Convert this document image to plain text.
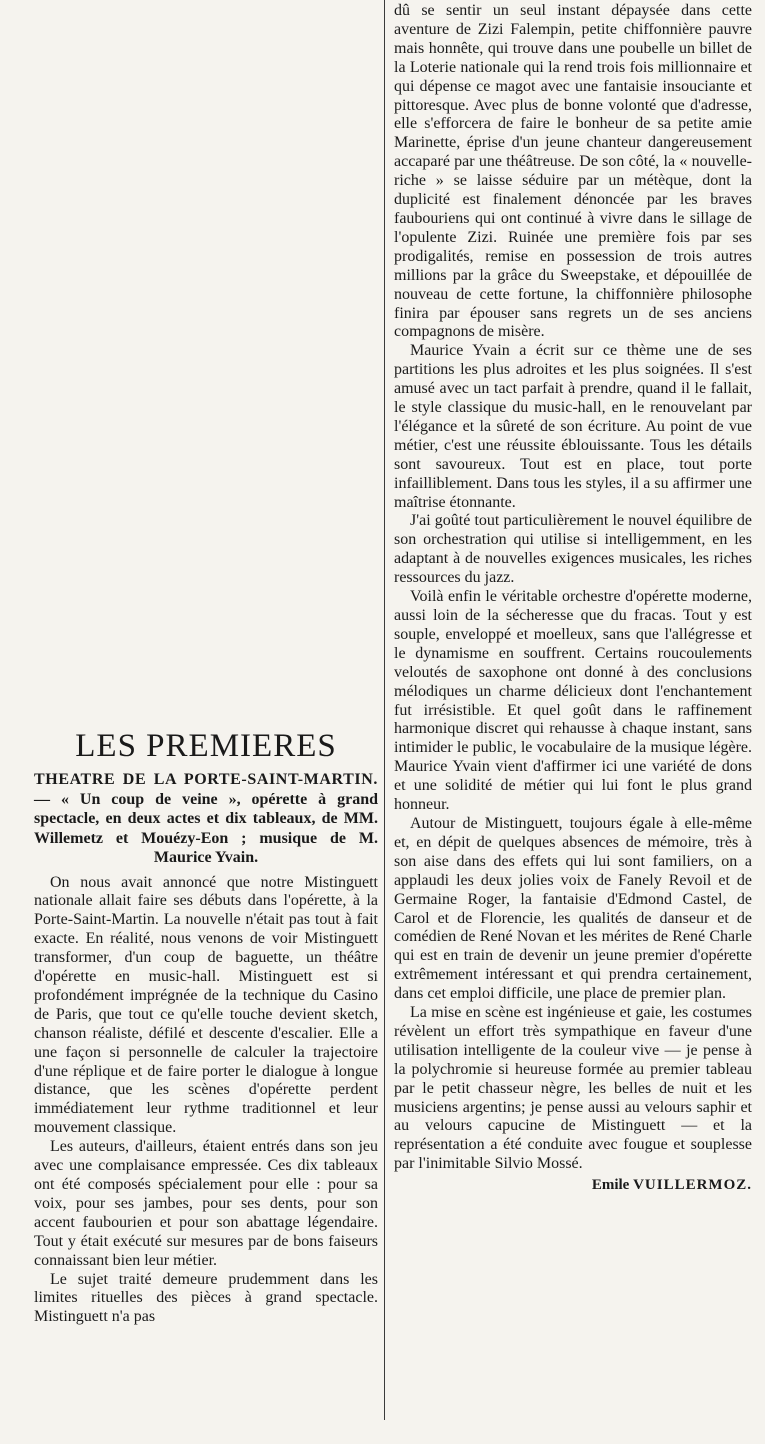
LES PREMIERES
THEATRE DE LA PORTE-SAINT-MARTIN. — « Un coup de veine », opérette à grand spectacle, en deux actes et dix tableaux, de MM. Willemetz et Mouézy-Eon ; musique de M. Maurice Yvain.

On nous avait annoncé que notre Mistinguett nationale allait faire ses débuts dans l'opérette, à la Porte-Saint-Martin. La nouvelle n'était pas tout à fait exacte. En réalité, nous venons de voir Mistinguett transformer, d'un coup de baguette, un théâtre d'opérette en music-hall. Mistinguett est si profondément imprégnée de la technique du Casino de Paris, que tout ce qu'elle touche devient sketch, chanson réaliste, défilé et descente d'escalier. Elle a une façon si personnelle de calculer la trajectoire d'une réplique et de faire porter le dialogue à longue distance, que les scènes d'opérette perdent immédiatement leur rythme traditionnel et leur mouvement classique.

Les auteurs, d'ailleurs, étaient entrés dans son jeu avec une complaisance empressée. Ces dix tableaux ont été composés spécialement pour elle : pour sa voix, pour ses jambes, pour ses dents, pour son accent faubourien et pour son abattage légendaire. Tout y était exécuté sur mesures par de bons faiseurs connaissant bien leur métier.

Le sujet traité demeure prudemment dans les limites rituelles des pièces à grand spectacle. Mistinguett n'a pas

dû se sentir un seul instant dépaysée dans cette aventure de Zizi Falempin, petite chiffonnière pauvre mais honnête, qui trouve dans une poubelle un billet de la Loterie nationale qui la rend trois fois millionnaire et qui dépense ce magot avec une fantaisie insouciante et pittoresque. Avec plus de bonne volonté que d'adresse, elle s'efforcera de faire le bonheur de sa petite amie Marinette, éprise d'un jeune chanteur dangereusement accaparé par une théâtreuse. De son côté, la « nouvelle-riche » se laisse séduire par un métèque, dont la duplicité est finalement dénoncée par les braves faubouriens qui ont continué à vivre dans le sillage de l'opulente Zizi. Ruinée une première fois par ses prodigalités, remise en possession de trois autres millions par la grâce du Sweepstake, et dépouillée de nouveau de cette fortune, la chiffonnière philosophe finira par épouser sans regrets un de ses anciens compagnons de misère.

Maurice Yvain a écrit sur ce thème une de ses partitions les plus adroites et les plus soignées. Il s'est amusé avec un tact parfait à prendre, quand il le fallait, le style classique du music-hall, en le renouvelant par l'élégance et la sûreté de son écriture. Au point de vue métier, c'est une réussite éblouissante. Tous les détails sont savoureux. Tout est en place, tout porte infailliblement. Dans tous les styles, il a su affirmer une maîtrise étonnante.

J'ai goûté tout particulièrement le nouvel équilibre de son orchestration qui utilise si intelligemment, en les adaptant à de nouvelles exigences musicales, les riches ressources du jazz.

Voilà enfin le véritable orchestre d'opérette moderne, aussi loin de la sécheresse que du fracas. Tout y est souple, enveloppé et moelleux, sans que l'allégresse et le dynamisme en souffrent. Certains roucoulements veloutés de saxophone ont donné à des conclusions mélodiques un charme délicieux dont l'enchantement fut irrésistible. Et quel goût dans le raffinement harmonique discret qui rehausse à chaque instant, sans intimider le public, le vocabulaire de la musique légère. Maurice Yvain vient d'affirmer ici une variété de dons et une solidité de métier qui lui font le plus grand honneur.

Autour de Mistinguett, toujours égale à elle-même et, en dépit de quelques absences de mémoire, très à son aise dans des effets qui lui sont familiers, on a applaudi les deux jolies voix de Fanely Revoil et de Germaine Roger, la fantaisie d'Edmond Castel, de Carol et de Florencie, les qualités de danseur et de comédien de René Novan et les mérites de René Charle qui est en train de devenir un jeune premier d'opérette extrêmement intéressant et qui prendra certainement, dans cet emploi difficile, une place de premier plan.

La mise en scène est ingénieuse et gaie, les costumes révèlent un effort très sympathique en faveur d'une utilisation intelligente de la couleur vive — je pense à la polychromie si heureuse formée au premier tableau par le petit chasseur nègre, les belles de nuit et les musiciens argentins; je pense aussi au velours saphir et au velours capucine de Mistinguett — et la représentation a été conduite avec fougue et souplesse par l'inimitable Silvio Mossé.

Emile VUILLERMOZ.
